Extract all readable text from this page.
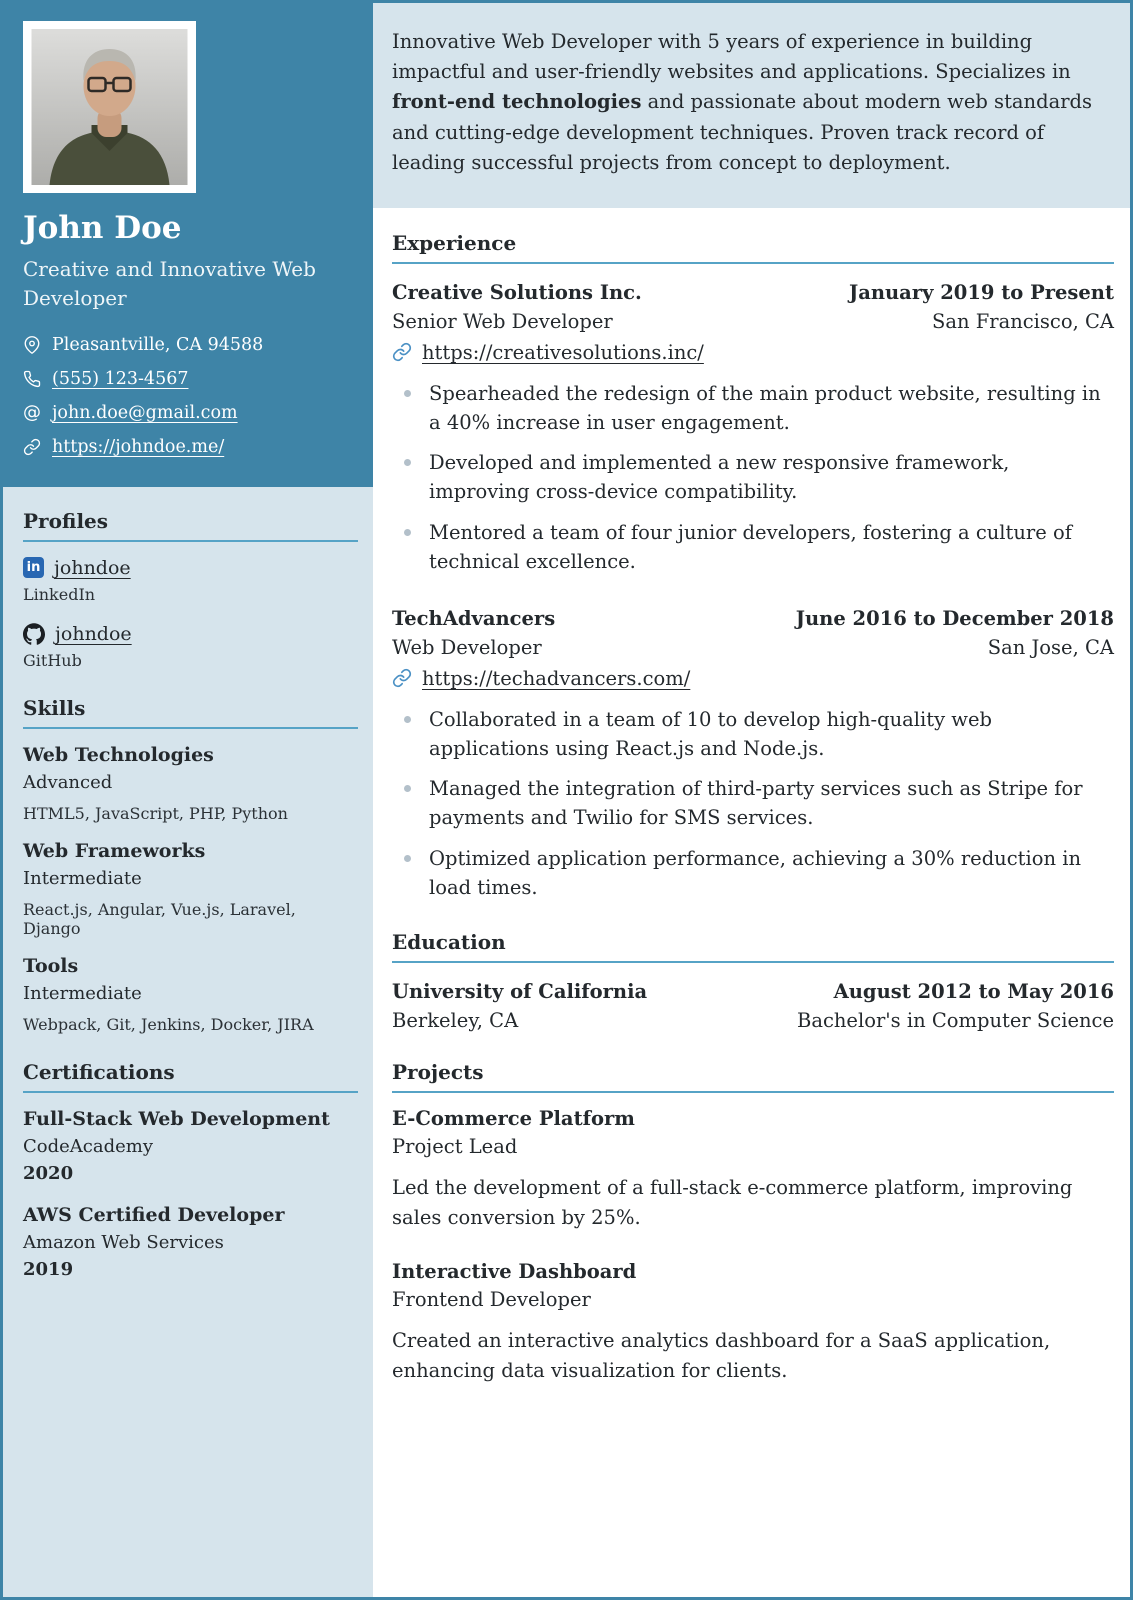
John Doe
Creative and Innovative Web Developer
Pleasantville, CA 94588
(555) 123-4567
@ john.doe@gmail.com
https://johndoe.me/
Profiles
in johndoe
LinkedIn
johndoe
GitHub
Skills
Web Technologies
Advanced
HTML5, JavaScript, PHP, Python
Web Frameworks
Intermediate
React.js, Angular, Vue.js, Laravel, Django
Tools
Intermediate
Webpack, Git, Jenkins, Docker, JIRA
Certifications
Full-Stack Web Development
CodeAcademy
2020
AWS Certified Developer
Amazon Web Services
2019
Innovative Web Developer with 5 years of experience in building impactful and user-friendly websites and applications. Specializes in front-end technologies and passionate about modern web standards and cutting-edge development techniques. Proven track record of leading successful projects from concept to deployment.
Experience
Creative Solutions Inc.	January 2019 to Present
Senior Web Developer	San Francisco, CA
https://creativesolutions.inc/
Spearheaded the redesign of the main product website, resulting in a 40% increase in user engagement.
Developed and implemented a new responsive framework, improving cross-device compatibility.
Mentored a team of four junior developers, fostering a culture of technical excellence.
TechAdvancers	June 2016 to December 2018
Web Developer	San Jose, CA
https://techadvancers.com/
Collaborated in a team of 10 to develop high-quality web applications using React.js and Node.js.
Managed the integration of third-party services such as Stripe for payments and Twilio for SMS services.
Optimized application performance, achieving a 30% reduction in load times.
Education
University of California	August 2012 to May 2016
Berkeley, CA	Bachelor's in Computer Science
Projects
E-Commerce Platform
Project Lead
Led the development of a full-stack e-commerce platform, improving sales conversion by 25%.
Interactive Dashboard
Frontend Developer
Created an interactive analytics dashboard for a SaaS application, enhancing data visualization for clients.
